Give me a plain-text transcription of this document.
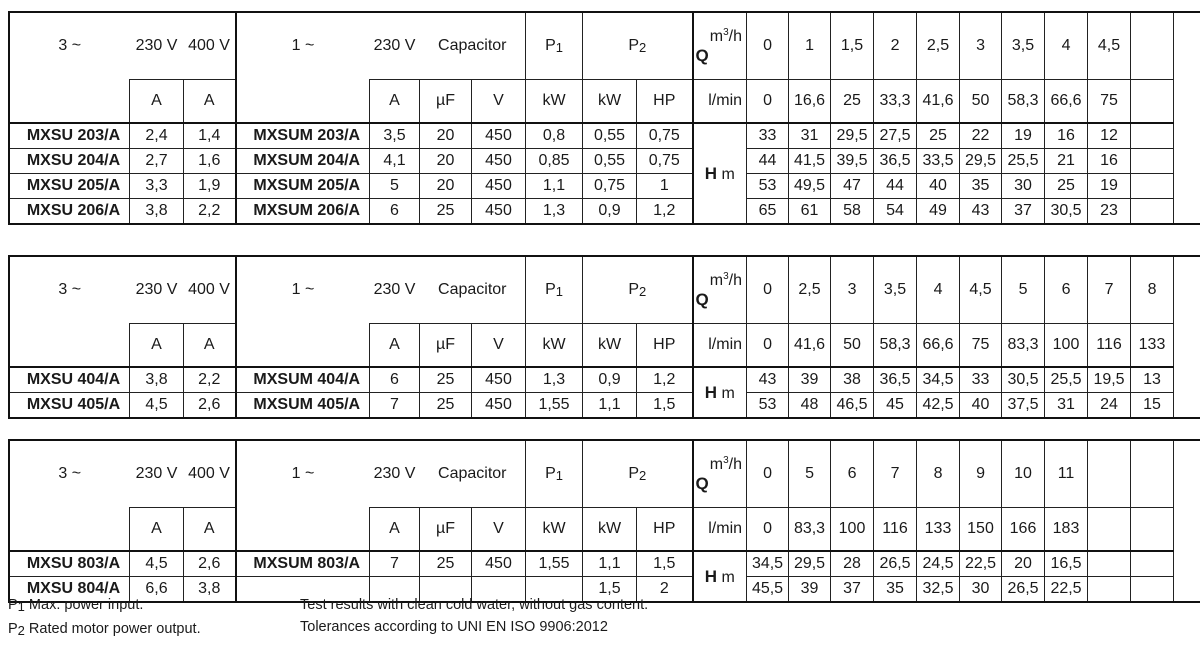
3 ~	230 V	400 V	1 ~	230 V	Capacitor		P1	P2		$m^3/h$
Q	0	1	1,5	2	2,5	3	3,5	4	4,5	
	A	A		A	µF	V	kW	kW	HP	l/min	0	16,6	25	33,3	41,6	50	58,3	66,6	75	
MXSU 203/A	2,4	1,4	MXSUM 203/A	3,5	20	450	0,8	0,55	0,75	H m	33	31	29,5	27,5	25	22	19	16	12	
MXSU 204/A	2,7	1,6	MXSUM 204/A	4,1	20	450	0,85	0,55	0,75		44	41,5	39,5	36,5	33,5	29,5	25,5	21	16	
MXSU 205/A	3,3	1,9	MXSUM 205/A	5	20	450	1,1	0,75	1		53	49,5	47	44	40	35	30	25	19	
MXSU 206/A	3,8	2,2	MXSUM 206/A	6	25	450	1,3	0,9	1,2		65	61	58	54	49	43	37	30,5	23	
3 ~	230 V	400 V	1 ~	230 V	Capacitor		P1	P2		$m^3/h$
Q	0	2,5	3	3,5	4	4,5	5	6	7	8
	A	A		A	µF	V	kW	kW	HP	l/min	0	41,6	50	58,3	66,6	75	83,3	100	116	133
MXSU 404/A	3,8	2,2	MXSUM 404/A	6	25	450	1,3	0,9	1,2	H m	43	39	38	36,5	34,5	33	30,5	25,5	19,5	13
MXSU 405/A	4,5	2,6	MXSUM 405/A	7	25	450	1,55	1,1	1,5		53	48	46,5	45	42,5	40	37,5	31	24	15
3 ~	230 V	400 V	1 ~	230 V	Capacitor		P1	P2		$m^3/h$
Q	0	5	6	7	8	9	10	11		
	A	A		A	µF	V	kW	kW	HP	l/min	0	83,3	100	116	133	150	166	183		
MXSU 803/A	4,5	2,6	MXSUM 803/A	7	25	450	1,55	1,1	1,5	H m	34,5	29,5	28	26,5	24,5	22,5	20	16,5		
MXSU 804/A	6,6	3,8						1,5	2		45,5	39	37	35	32,5	30	26,5	22,5		
P1 Max. power input.
P2 Rated motor power output.
Test results with clean cold water, without gas content.
Tolerances according to UNI EN ISO 9906:2012
